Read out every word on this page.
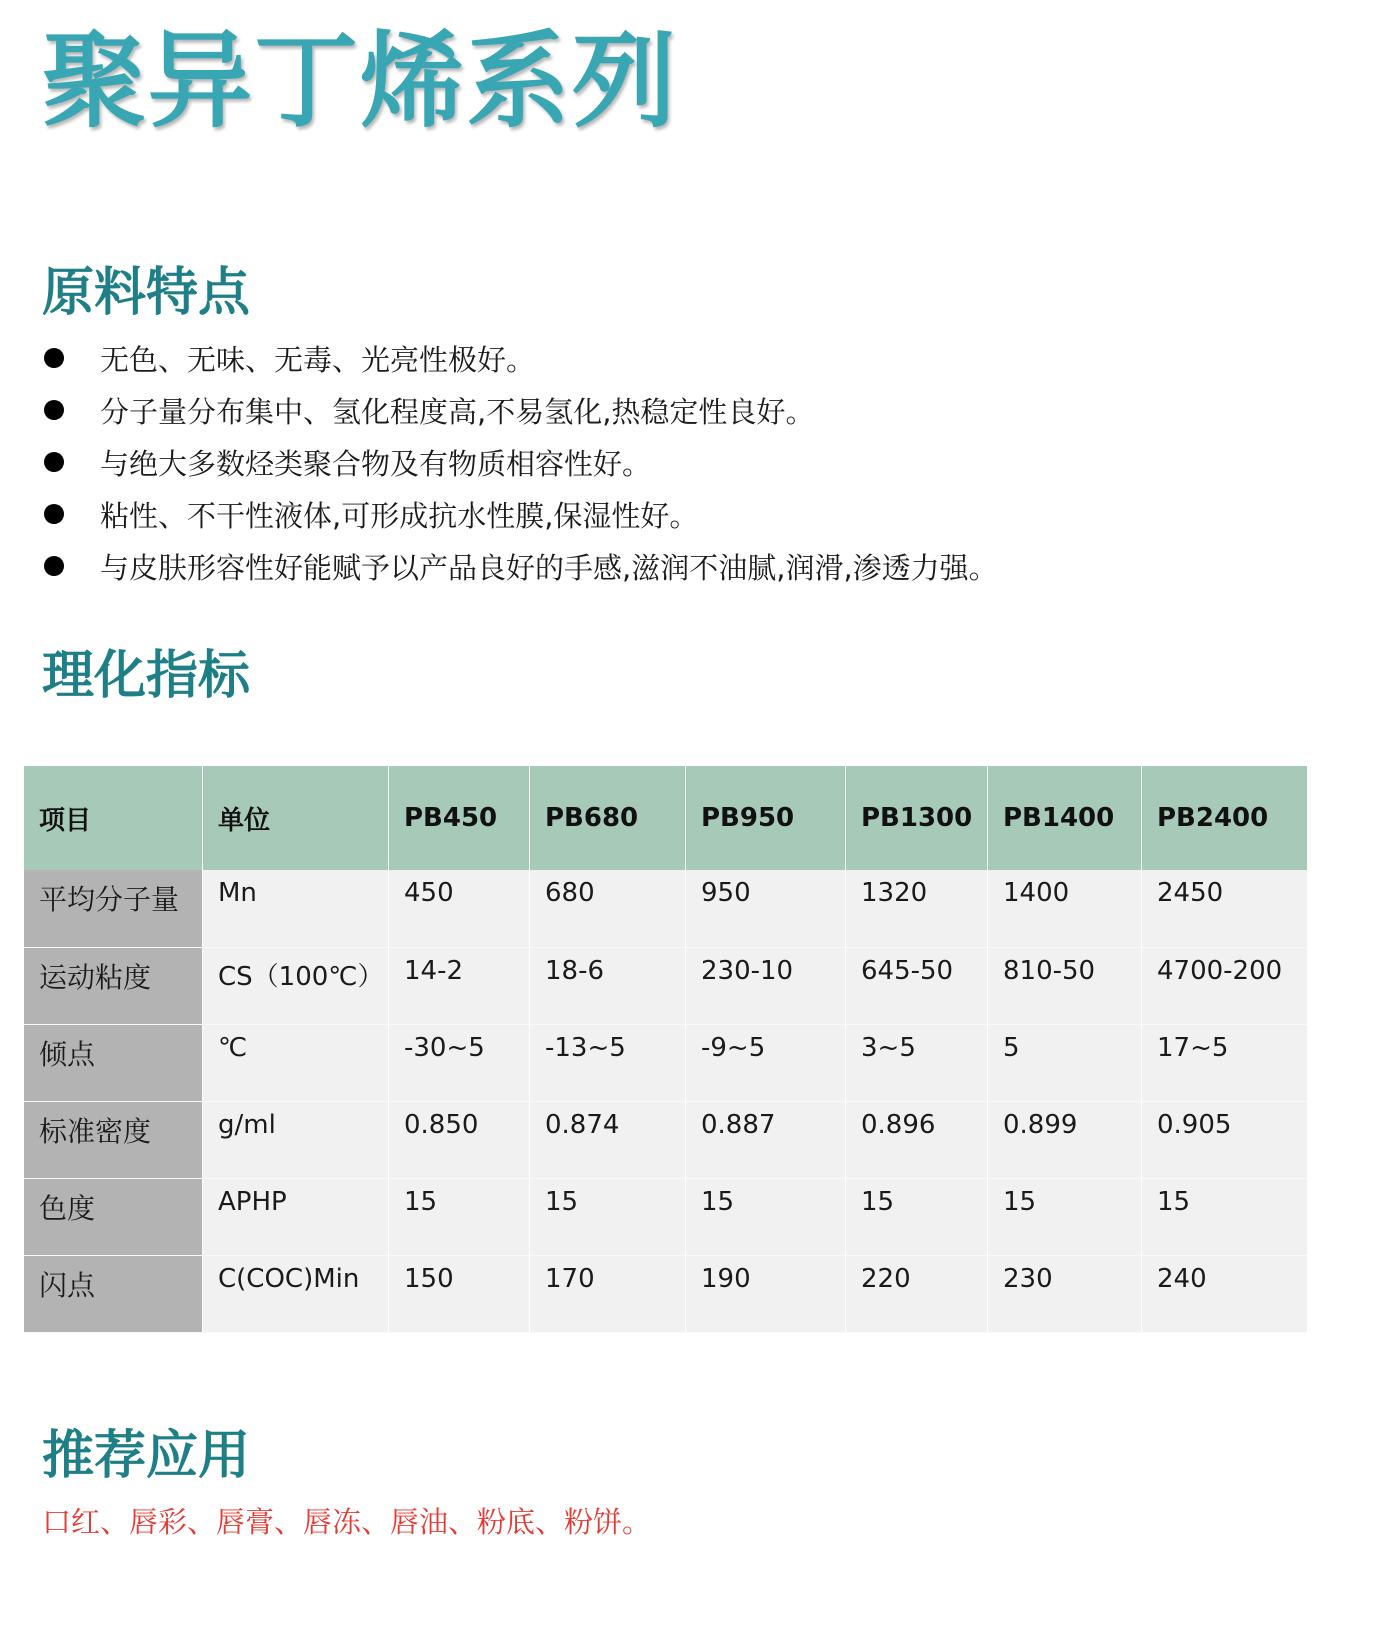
聚异丁烯系列
原料特点
无色、无味、无毒、光亮性极好。
分子量分布集中、氢化程度高,不易氢化,热稳定性良好。
与绝大多数烃类聚合物及有物质相容性好。
粘性、不干性液体,可形成抗水性膜,保湿性好。
与皮肤形容性好能赋予以产品良好的手感,滋润不油腻,润滑,渗透力强。
理化指标
项目	单位	PB450	PB680	PB950	PB1300	PB1400	PB2400
平均分子量	Mn	450	680	950	1320	1400	2450
运动粘度	CS（100℃）	14-2	18-6	230-10	645-50	810-50	4700-200
倾点	℃	-30~5	-13~5	-9~5	3~5	5	17~5
标准密度	g/ml	0.850	0.874	0.887	0.896	0.899	0.905
色度	APHP	15	15	15	15	15	15
闪点	C(COC)Min	150	170	190	220	230	240
推荐应用
口红、唇彩、唇膏、唇冻、唇油、粉底、粉饼。
